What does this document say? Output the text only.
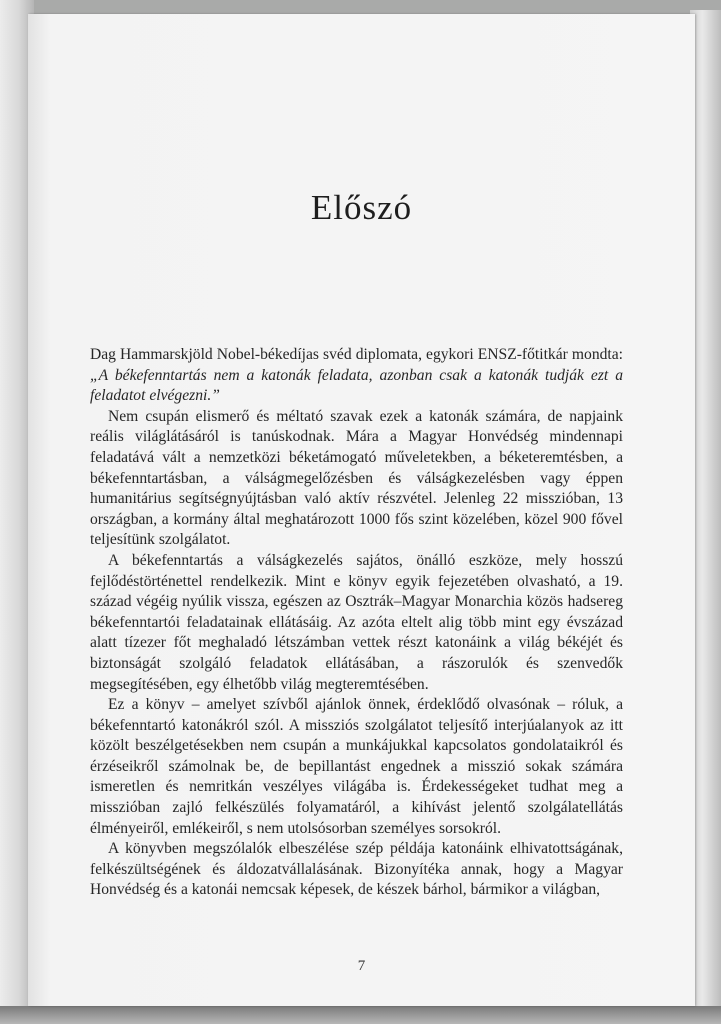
Előszó

Dag Hammarskjöld Nobel-békedíjas svéd diplomata, egykori ENSZ-főtitkár mondta: „A békefenntartás nem a katonák feladata, azonban csak a katonák tudják ezt a feladatot elvégezni.”

Nem csupán elismerő és méltató szavak ezek a katonák számára, de napjaink reális világlátásáról is tanúskodnak. Mára a Magyar Honvédség mindennapi feladatává vált a nemzetközi béketámogató műveletekben, a béketeremtésben, a békefenntartásban, a válságmegelőzésben és válságkezelésben vagy éppen humanitárius segítségnyújtásban való aktív részvétel. Jelenleg 22 misszióban, 13 országban, a kormány által meghatározott 1000 fős szint közelében, közel 900 fővel teljesítünk szolgálatot.

A békefenntartás a válságkezelés sajátos, önálló eszköze, mely hosszú fejlődéstörténettel rendelkezik. Mint e könyv egyik fejezetében olvasható, a 19. század végéig nyúlik vissza, egészen az Osztrák–Magyar Monarchia közös hadsereg békefenntartói feladatainak ellátásáig. Az azóta eltelt alig több mint egy évszázad alatt tízezer főt meghaladó létszámban vettek részt katonáink a világ békéjét és biztonságát szolgáló feladatok ellátásában, a rászorulók és szenvedők megsegítésében, egy élhetőbb világ megteremtésében.

Ez a könyv – amelyet szívből ajánlok önnek, érdeklődő olvasónak – róluk, a békefenntartó katonákról szól. A missziós szolgálatot teljesítő interjúalanyok az itt közölt beszélgetésekben nem csupán a munkájukkal kapcsolatos gondolataikról és érzéseikről számolnak be, de bepillantást engednek a misszió sokak számára ismeretlen és nemritkán veszélyes világába is. Érdekességeket tudhat meg a misszióban zajló felkészülés folyamatáról, a kihívást jelentő szolgálatellátás élményeiről, emlékeiről, s nem utolsósorban személyes sorsokról.

A könyvben megszólalók elbeszélése szép példája katonáink elhivatottságának, felkészültségének és áldozatvállalásának. Bizonyítéka annak, hogy a Magyar Honvédség és a katonái nemcsak képesek, de készek bárhol, bármikor a világban,

7
